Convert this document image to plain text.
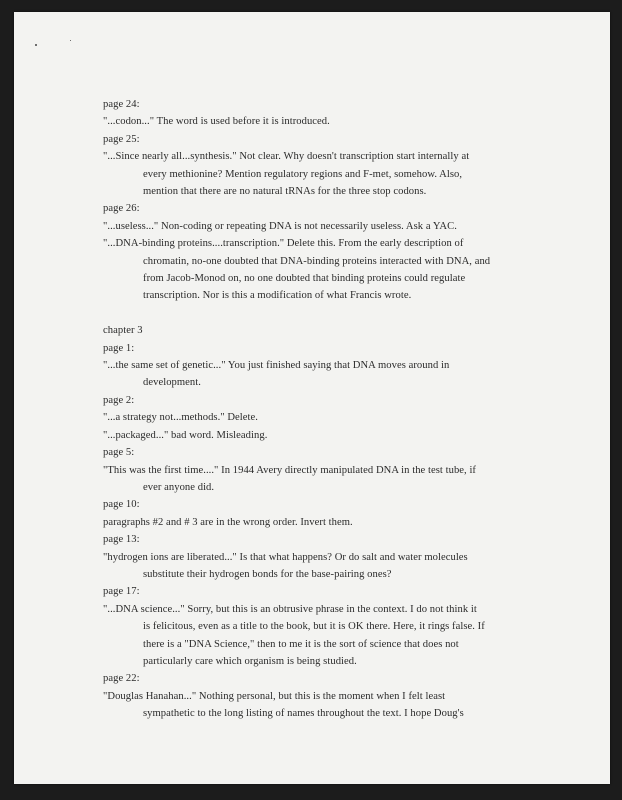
page 24:
"...codon..." The word is used before it is introduced.
page 25:
"...Since nearly all...synthesis." Not clear. Why doesn't transcription start internally at
every methionine? Mention regulatory regions and F-met, somehow. Also,
mention that there are no natural tRNAs for the three stop codons.
page 26:
"...useless..." Non-coding or repeating DNA is not necessarily useless. Ask a YAC.
"...DNA-binding proteins....transcription." Delete this. From the early description of
chromatin, no-one doubted that DNA-binding proteins interacted with DNA, and
from Jacob-Monod on, no one doubted that binding proteins could regulate
transcription. Nor is this a modification of what Francis wrote.
chapter 3
page 1:
"...the same set of genetic..." You just finished saying that DNA moves around in
development.
page 2:
"...a strategy not...methods." Delete.
"...packaged..." bad word. Misleading.
page 5:
"This was the first time...." In 1944 Avery directly manipulated DNA in the test tube, if
ever anyone did.
page 10:
paragraphs #2 and # 3 are in the wrong order. Invert them.
page 13:
"hydrogen ions are liberated..." Is that what happens? Or do salt and water molecules
substitute their hydrogen bonds for the base-pairing ones?
page 17:
"...DNA science..." Sorry, but this is an obtrusive phrase in the context. I do not think it
is felicitous, even as a title to the book, but it is OK there. Here, it rings false. If
there is a "DNA Science," then to me it is the sort of science that does not
particularly care which organism is being studied.
page 22:
"Douglas Hanahan..." Nothing personal, but this is the moment when I felt least
sympathetic to the long listing of names throughout the text. I hope Doug's
